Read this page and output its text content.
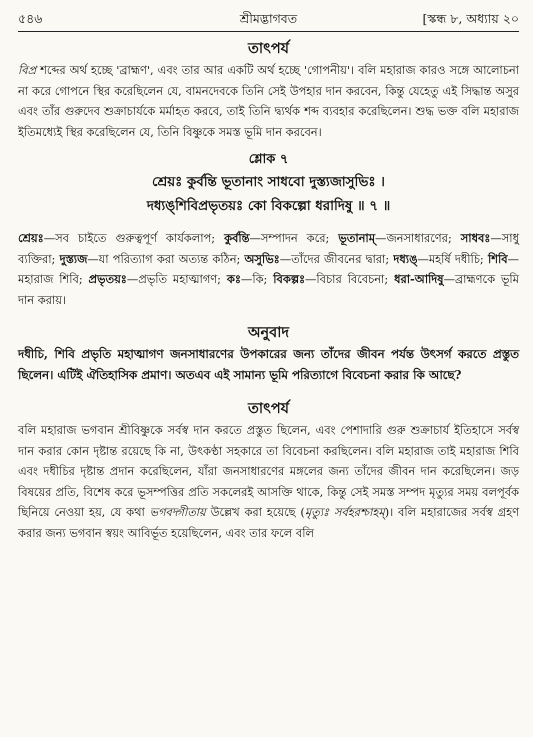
৫৪৬	শ্রীমদ্ভাগবত	[স্কন্ধ ৮, অধ্যায় ২০
তাৎপর্য

বিপ্র শব্দের অর্থ হচ্ছে 'ব্রাহ্মণ', এবং তার আর একটি অর্থ হচ্ছে 'গোপনীয়'। বলি মহারাজ কারও সঙ্গে আলোচনা না করে গোপনে স্থির করেছিলেন যে, বামনদেবকে তিনি সেই উপহার দান করবেন, কিন্তু যেহেতু এই সিদ্ধান্ত অসুর এবং তাঁর গুরুদেব শুক্রাচার্যকে মর্মাহত করবে, তাই তিনি দ্ব্যর্থক শব্দ ব্যবহার করেছিলেন। শুদ্ধ ভক্ত বলি মহারাজ ইতিমধ্যেই স্থির করেছিলেন যে, তিনি বিষ্ণুকে সমস্ত ভূমি দান করবেন।

শ্লোক ৭
শ্রেয়ঃ কুর্বন্তি ভূতানাং সাধবো দুস্ত্যজাসুভিঃ ।
দধ্যঙ্‌শিবিপ্রভৃতয়ঃ কো বিকল্পো ধরাদিষু ॥ ৭ ॥

শ্রেয়ঃ—সব চাইতে গুরুত্বপূর্ণ কার্যকলাপ; কুর্বন্তি—সম্পাদন করে; ভূতানাম্—জনসাধারণের; সাধবঃ—সাধু ব্যক্তিরা; দুস্ত্যজ—যা পরিত্যাগ করা অত্যন্ত কঠিন; অসুভিঃ—তাঁদের জীবনের দ্বারা; দধ্যঙ্—মহর্ষি দধীচি; শিবি—মহারাজ শিবি; প্রভৃতয়ঃ—প্রভৃতি মহাত্মাগণ; কঃ—কি; বিকল্পঃ—বিচার বিবেচনা; ধরা-আদিষু—ব্রাহ্মণকে ভূমি দান করায়।

অনুবাদ

দধীচি, শিবি প্রভৃতি মহাত্মাগণ জনসাধারণের উপকারের জন্য তাঁদের জীবন পর্যন্ত উৎসর্গ করতে প্রস্তুত ছিলেন। এটিই ঐতিহাসিক প্রমাণ। অতএব এই সামান্য ভূমি পরিত্যাগে বিবেচনা করার কি আছে?

তাৎপর্য

বলি মহারাজ ভগবান শ্রীবিষ্ণুকে সর্বস্ব দান করতে প্রস্তুত ছিলেন, এবং পেশাদারি গুরু শুক্রাচার্য ইতিহাসে সর্বস্ব দান করার কোন দৃষ্টান্ত রয়েছে কি না, উৎকণ্ঠা সহকারে তা বিবেচনা করছিলেন। বলি মহারাজ তাই মহারাজ শিবি এবং দধীচির দৃষ্টান্ত প্রদান করেছিলেন, যাঁরা জনসাধারণের মঙ্গলের জন্য তাঁদের জীবন দান করেছিলেন। জড় বিষয়ের প্রতি, বিশেষ করে ভূসম্পত্তির প্রতি সকলেরই আসক্তি থাকে, কিন্তু সেই সমস্ত সম্পদ মৃত্যুর সময় বলপূর্বক ছিনিয়ে নেওয়া হয়, যে কথা ভগবদ্গীতায় উল্লেখ করা হয়েছে (মৃত্যুঃ সর্বহরশ্চাহম্)। বলি মহারাজের সর্বস্ব গ্রহণ করার জন্য ভগবান স্বয়ং আবির্ভূত হয়েছিলেন, এবং তার ফলে বলি
